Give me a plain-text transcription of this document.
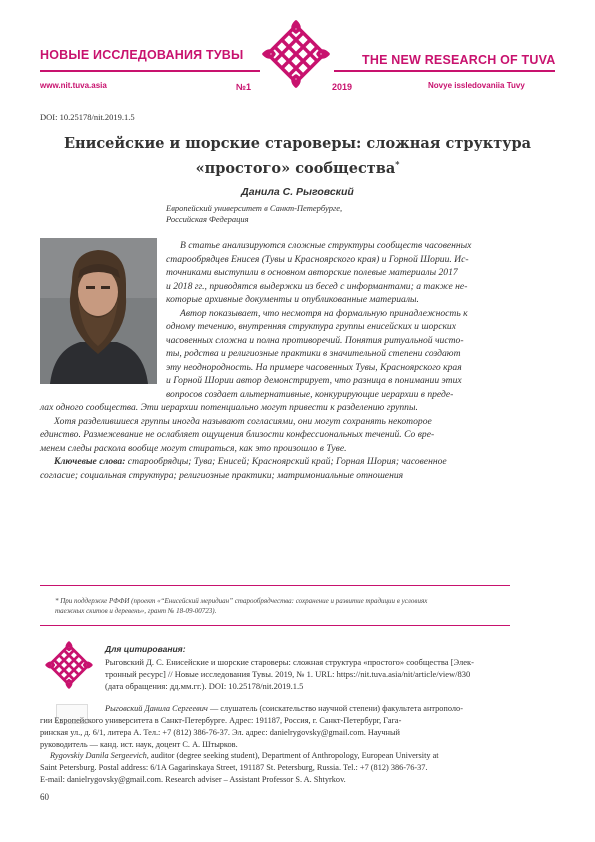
НОВЫЕ ИССЛЕДОВАНИЯ ТУВЫ	THE NEW RESEARCH OF TUVA
www.nit.tuva.asia	№1	2019	Novye issledovaniia Tuvy
DOI: 10.25178/nit.2019.1.5
Енисейские и шорские староверы: сложная структура
«простого» сообщества*
Данила С. Рыговский
Европейский университет в Санкт-Петербурге,
Российская Федерация
В статье анализируются сложные структуры сообществ часовенных
старообрядцев Енисея (Тувы и Красноярского края) и Горной Шории. Ис-
точниками выступили в основном авторские полевые материалы 2017
и 2018 гг., приводятся выдержки из бесед с информантами; а также не-
которые архивные документы и опубликованные материалы.
Автор показывает, что несмотря на формальную принадлежность к
одному течению, внутренняя структура группы енисейских и шорских
часовенных сложна и полна противоречий. Понятия ритуальной чисто-
ты, родства и религиозные практики в значительной степени создают
эту неоднородность. На примере часовенных Тувы, Красноярского края
и Горной Шории автор демонстрирует, что разница в понимании этих
вопросов создает альтернативные, конкурирующие иерархии в преде-
лах одного сообщества. Эти иерархии потенциально могут привести к разделению группы.
Хотя разделившиеся группы иногда называют согласиями, они могут сохранять некоторое
единство. Размежевание не ослабляет ощущения близости конфессиональных течений. Со вре-
менем следы раскола вообще могут стираться, как это произошло в Туве.
Ключевые слова: старообрядцы; Тува; Енисей; Красноярский край; Горная Шория; часовенное
согласие; социальная структура; религиозные практики; матримониальные отношения
* При поддержке РФФИ (проект «“Енисейский меридиан” старообрядчества: сохранение и развитие традиции в условиях
таежных скитов и деревень», грант № 18-09-00723).
Для цитирования:
Рыговский Д. С. Енисейские и шорские староверы: сложная структура «простого» сообщества [Элек-
тронный ресурс] // Новые исследования Тувы. 2019, № 1. URL: https://nit.tuva.asia/nit/article/view/830
(дата обращения: дд.мм.гг.). DOI: 10.25178/nit.2019.1.5
Рыговский Данила Сергеевич — слушатель (соискательство научной степени) факультета антрополо-
гии Европейского университета в Санкт-Петербурге. Адрес: 191187, Россия, г. Санкт-Петербург, Гага-
ринская ул., д. 6/1, литера А. Тел.: +7 (812) 386-76-37. Эл. адрес: danielrygovsky@gmail.com. Научный
руководитель — канд. ист. наук, доцент С. А. Штырков.
Rygovskiy Danila Sergeevich, auditor (degree seeking student), Department of Anthropology, European University at
Saint Petersburg. Postal address: 6/1A Gagarinskaya Street, 191187 St. Petersburg, Russia. Tel.: +7 (812) 386-76-37.
E-mail: danielrygovsky@gmail.com. Research adviser – Assistant Professor S. A. Shtyrkov.
60
